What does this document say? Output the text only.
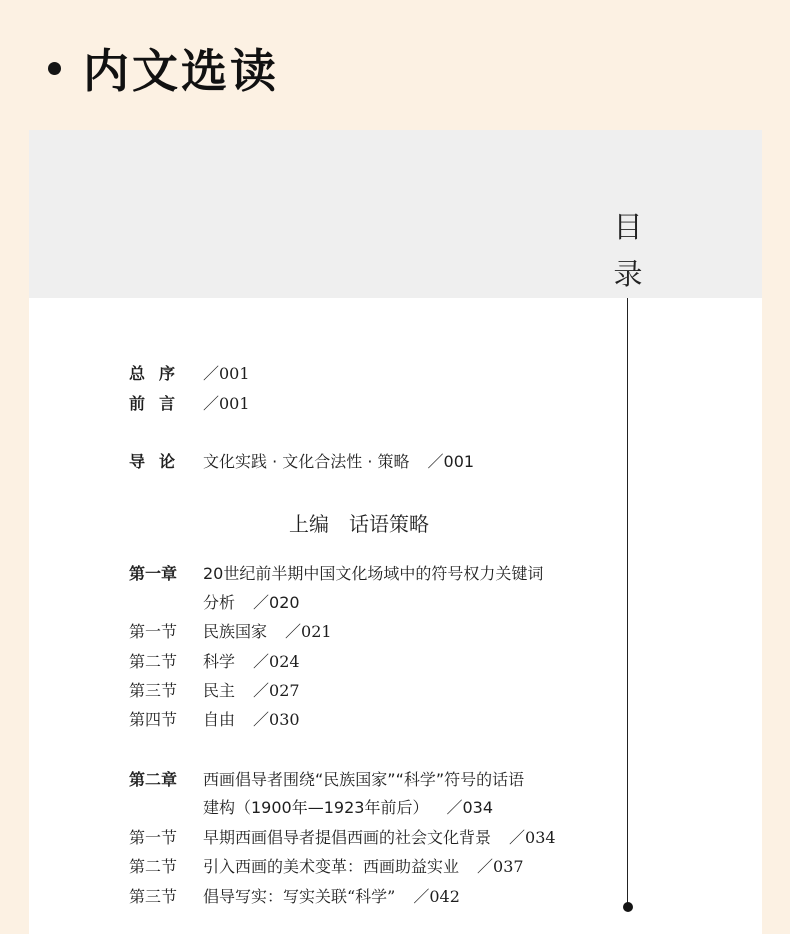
内文选读
目
录
总序 ／001
前言 ／001
导论 文化实践 · 文化合法性 · 策略 ／001
上编　话语策略
第一章 20世纪前半期中国文化场域中的符号权力关键词
分析 ／020
第一节 民族国家 ／021
第二节 科学 ／024
第三节 民主 ／027
第四节 自由 ／030
第二章 西画倡导者围绕“民族国家”“科学”符号的话语
建构（1900年—1923年前后） ／034
第一节 早期西画倡导者提倡西画的社会文化背景 ／034
第二节 引入西画的美术变革：西画助益实业 ／037
第三节 倡导写实：写实关联“科学” ／042
